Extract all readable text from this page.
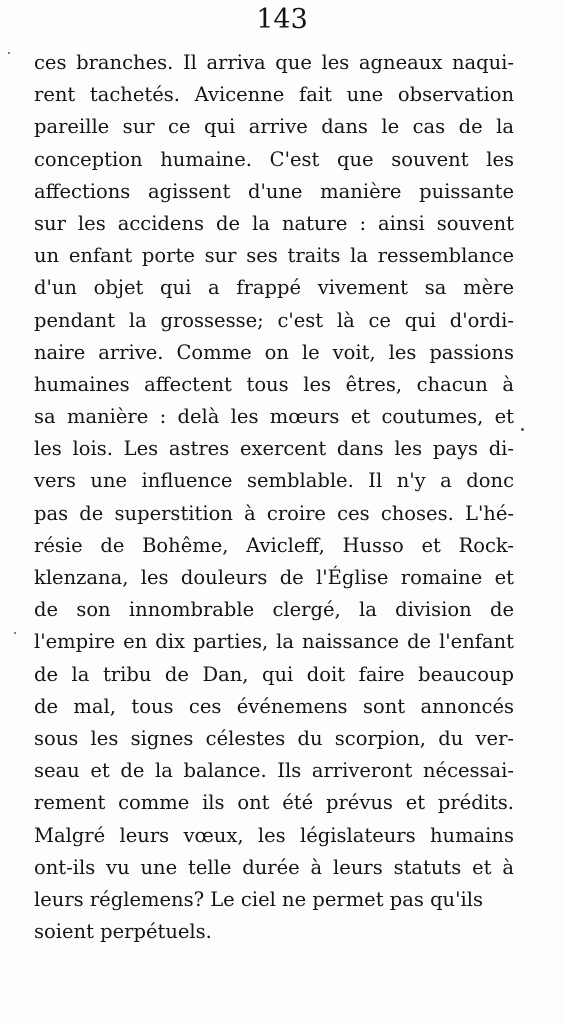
143
ces branches. Il arriva que les agneaux naqui-
rent tachetés. Avicenne fait une observation
pareille sur ce qui arrive dans le cas de la
conception humaine. C'est que souvent les
affections agissent d'une manière puissante
sur les accidens de la nature : ainsi souvent
un enfant porte sur ses traits la ressemblance
d'un objet qui a frappé vivement sa mère
pendant la grossesse; c'est là ce qui d'ordi-
naire arrive. Comme on le voit, les passions
humaines affectent tous les êtres, chacun à
sa manière : delà les mœurs et coutumes, et
les lois. Les astres exercent dans les pays di-
vers une influence semblable. Il n'y a donc
pas de superstition à croire ces choses. L'hé-
résie de Bohême, Avicleff, Husso et Rock-
klenzana, les douleurs de l'Église romaine et
de son innombrable clergé, la division de
l'empire en dix parties, la naissance de l'enfant
de la tribu de Dan, qui doit faire beaucoup
de mal, tous ces événemens sont annoncés
sous les signes célestes du scorpion, du ver-
seau et de la balance. Ils arriveront nécessai-
rement comme ils ont été prévus et prédits.
Malgré leurs vœux, les législateurs humains
ont-ils vu une telle durée à leurs statuts et à
leurs réglemens? Le ciel ne permet pas qu'ils
soient perpétuels.
